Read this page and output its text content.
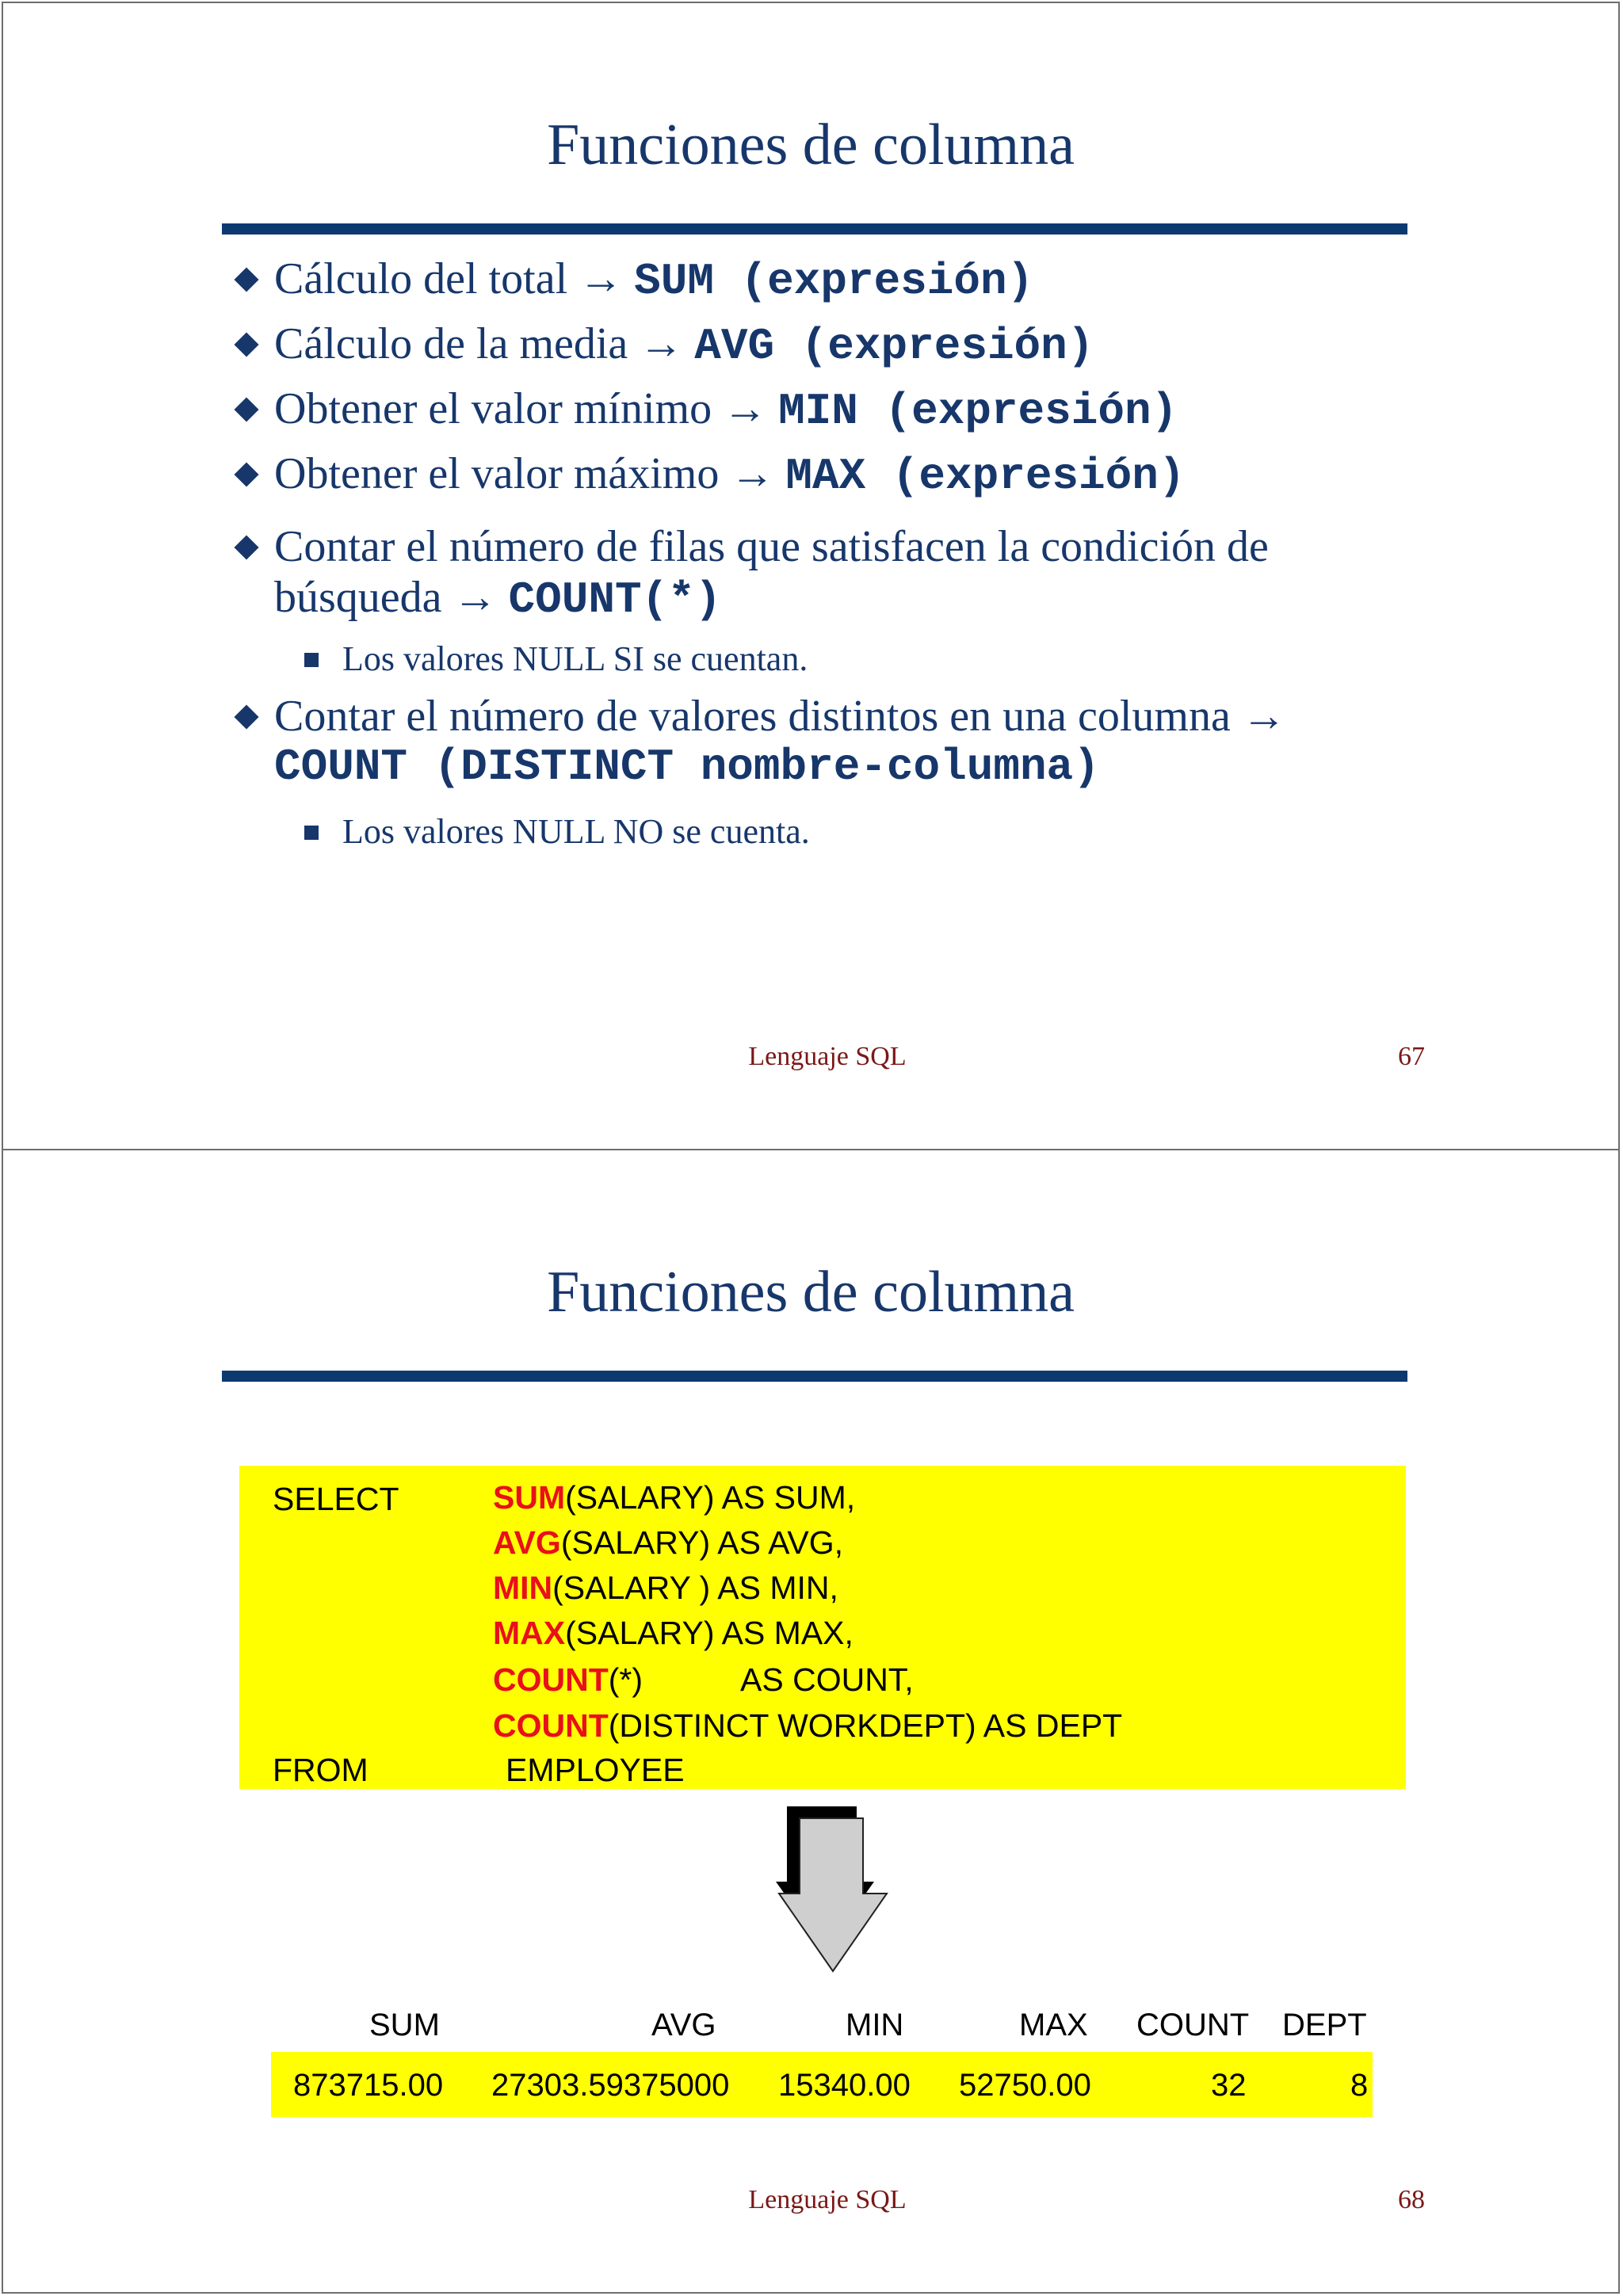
Funciones de columna
Cálculo del total → SUM (expresión)
Cálculo de la media → AVG (expresión)
Obtener el valor mínimo → MIN (expresión)
Obtener el valor máximo → MAX (expresión)
Contar el número de filas que satisfacen la condición de
búsqueda → COUNT(*)
Los valores NULL SI se cuentan.
Contar el número de valores distintos en una columna →
COUNT (DISTINCT nombre-columna)
Los valores NULL NO se cuenta.
Lenguaje SQL	67
Funciones de columna
SELECT	SUM(SALARY) AS SUM,
AVG(SALARY) AS AVG,
MIN(SALARY ) AS MIN,
MAX(SALARY) AS MAX,
COUNT(*)	AS COUNT,
COUNT(DISTINCT WORKDEPT) AS DEPT
FROM	EMPLOYEE
SUM	AVG	MIN	MAX COUNT DEPT
873715.00 27303.59375000 15340.00 52750.00	32	8
Lenguaje SQL	68
